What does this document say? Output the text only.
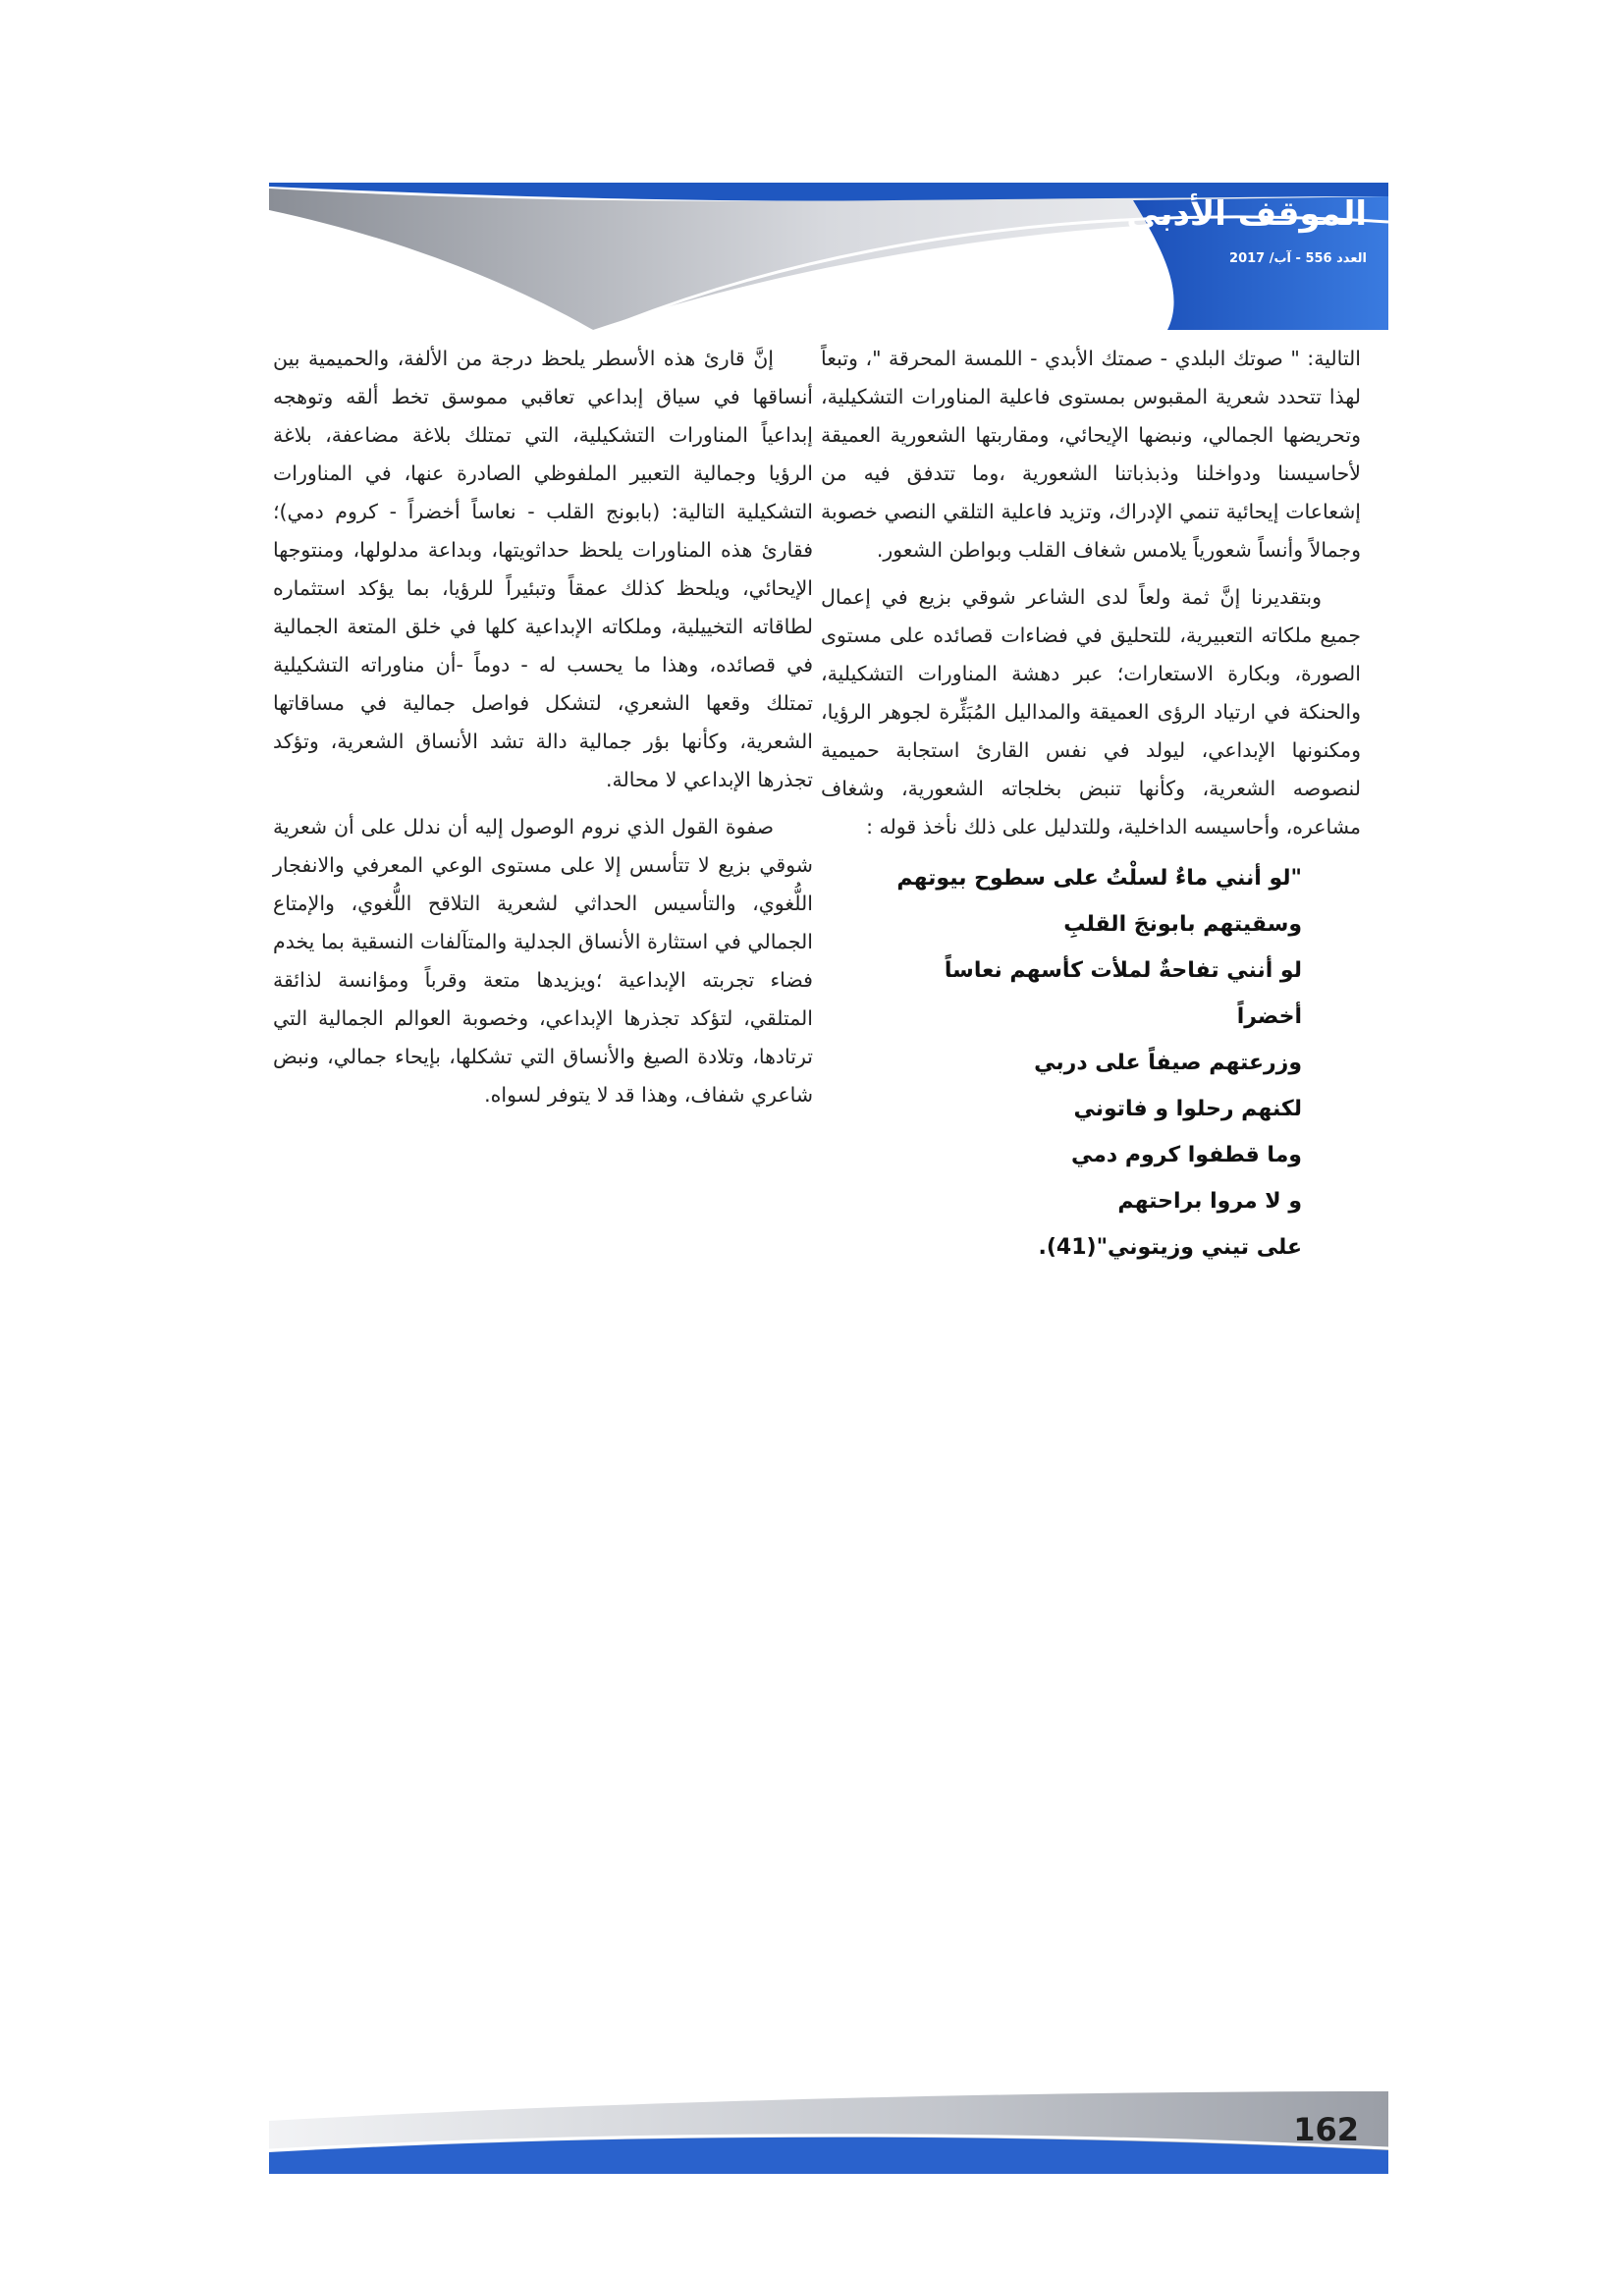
الموقف الأدبي
العدد 556 - آب/ 2017

التالية: " صوتك البلدي - صمتك الأبدي - اللمسة المحرقة "، وتبعاً لهذا تتحدد شعرية المقبوس بمستوى فاعلية المناورات التشكيلية، وتحريضها الجمالي، ونبضها الإيحائي، ومقاربتها الشعورية العميقة لأحاسيسنا ودواخلنا وذبذباتنا الشعورية ،وما تتدفق فيه من إشعاعات إيحائية تنمي الإدراك، وتزيد فاعلية التلقي النصي خصوبة وجمالاً وأنساً شعورياً يلامس شغاف القلب وبواطن الشعور.

وبتقديرنا إنَّ ثمة ولعاً لدى الشاعر شوقي بزيع في إعمال جميع ملكاته التعبيرية، للتحليق في فضاءات قصائده على مستوى الصورة، وبكارة الاستعارات؛ عبر دهشة المناورات التشكيلية، والحنكة في ارتياد الرؤى العميقة والمداليل المُبَئِّرة لجوهر الرؤيا، ومكنونها الإبداعي، ليولد في نفس القارئ استجابة حميمية لنصوصه الشعرية، وكأنها تنبض بخلجاته الشعورية، وشغاف مشاعره، وأحاسيسه الداخلية، وللتدليل على ذلك نأخذ قوله :

"لو أنني ماءٌ لسلْتُ على سطوح بيوتهم
وسقيتهم بابونجَ القلبِ
لو أنني تفاحةٌ لملأت كأسهم نعاساً
أخضراً
وزرعتهم صيفاً على دربي
لكنهم رحلوا و فاتوني
وما قطفوا كروم دمي
و لا مروا براحتهم
على تيني وزيتوني"(41).

إنَّ قارئ هذه الأسطر يلحظ درجة من الألفة، والحميمية بين أنساقها في سياق إبداعي تعاقبي مموسق تخط ألقه وتوهجه إبداعياً المناورات التشكيلية، التي تمتلك بلاغة مضاعفة، بلاغة الرؤيا وجمالية التعبير الملفوظي الصادرة عنها، في المناورات التشكيلية التالية: (بابونج القلب - نعاساً أخضراً - كروم دمي)؛ فقارئ هذه المناورات يلحظ حداثويتها، وبداعة مدلولها، ومنتوجها الإيحائي، ويلحظ كذلك عمقاً وتبئيراً للرؤيا، بما يؤكد استثماره لطاقاته التخييلية، وملكاته الإبداعية كلها في خلق المتعة الجمالية في قصائده، وهذا ما يحسب له - دوماً -أن مناوراته التشكيلية تمتلك وقعها الشعري، لتشكل فواصل جمالية في مساقاتها الشعرية، وكأنها بؤر جمالية دالة تشد الأنساق الشعرية، وتؤكد تجذرها الإبداعي لا محالة.

صفوة القول الذي نروم الوصول إليه أن ندلل على أن شعرية شوقي بزيع لا تتأسس إلا على مستوى الوعي المعرفي والانفجار اللُّغوي، والتأسيس الحداثي لشعرية التلاقح اللُّغوي، والإمتاع الجمالي في استثارة الأنساق الجدلية والمتآلفات النسقية بما يخدم فضاء تجربته الإبداعية ؛ويزيدها متعة وقرباً ومؤانسة لذائقة المتلقي، لتؤكد تجذرها الإبداعي، وخصوبة العوالم الجمالية التي ترتادها، وتلادة الصيغ والأنساق التي تشكلها، بإيحاء جمالي، ونبض شاعري شفاف، وهذا قد لا يتوفر لسواه.

162
